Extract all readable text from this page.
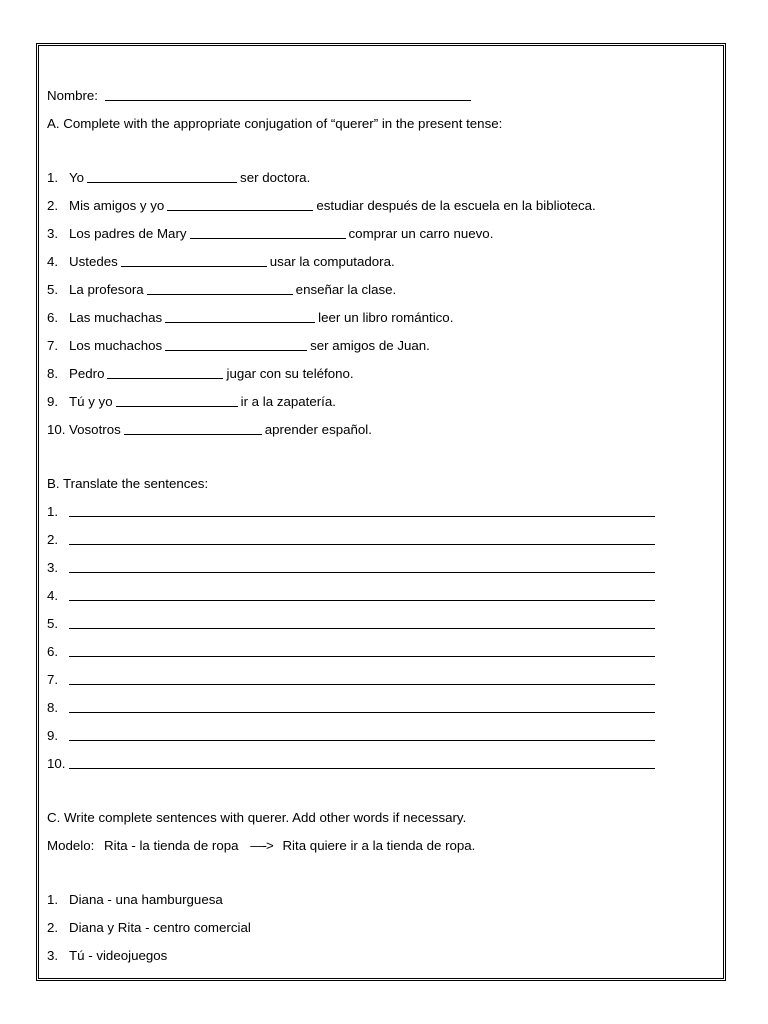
Nombre:
A. Complete with the appropriate conjugation of “querer” in the present tense:
1. Yo	ser doctora.
2. Mis amigos y yo	estudiar después de la escuela en la biblioteca.
3. Los padres de Mary	comprar un carro nuevo.
4. Ustedes	usar la computadora.
5. La profesora	enseñar la clase.
6. Las muchachas	leer un libro romántico.
7. Los muchachos	ser amigos de Juan.
8. Pedro	jugar con su teléfono.
9. Tú y yo	ir a la zapatería.
10. Vosotros	aprender español.
B. Translate the sentences:
1.
2.
3.
4.
5.
6.
7.
8.
9.
10.
C. Write complete sentences with querer. Add other words if necessary.
Modelo: Rita - la tienda de ropa —-> Rita quiere ir a la tienda de ropa.
1. Diana - una hamburguesa
2. Diana y Rita - centro comercial
3. Tú - videojuegos
